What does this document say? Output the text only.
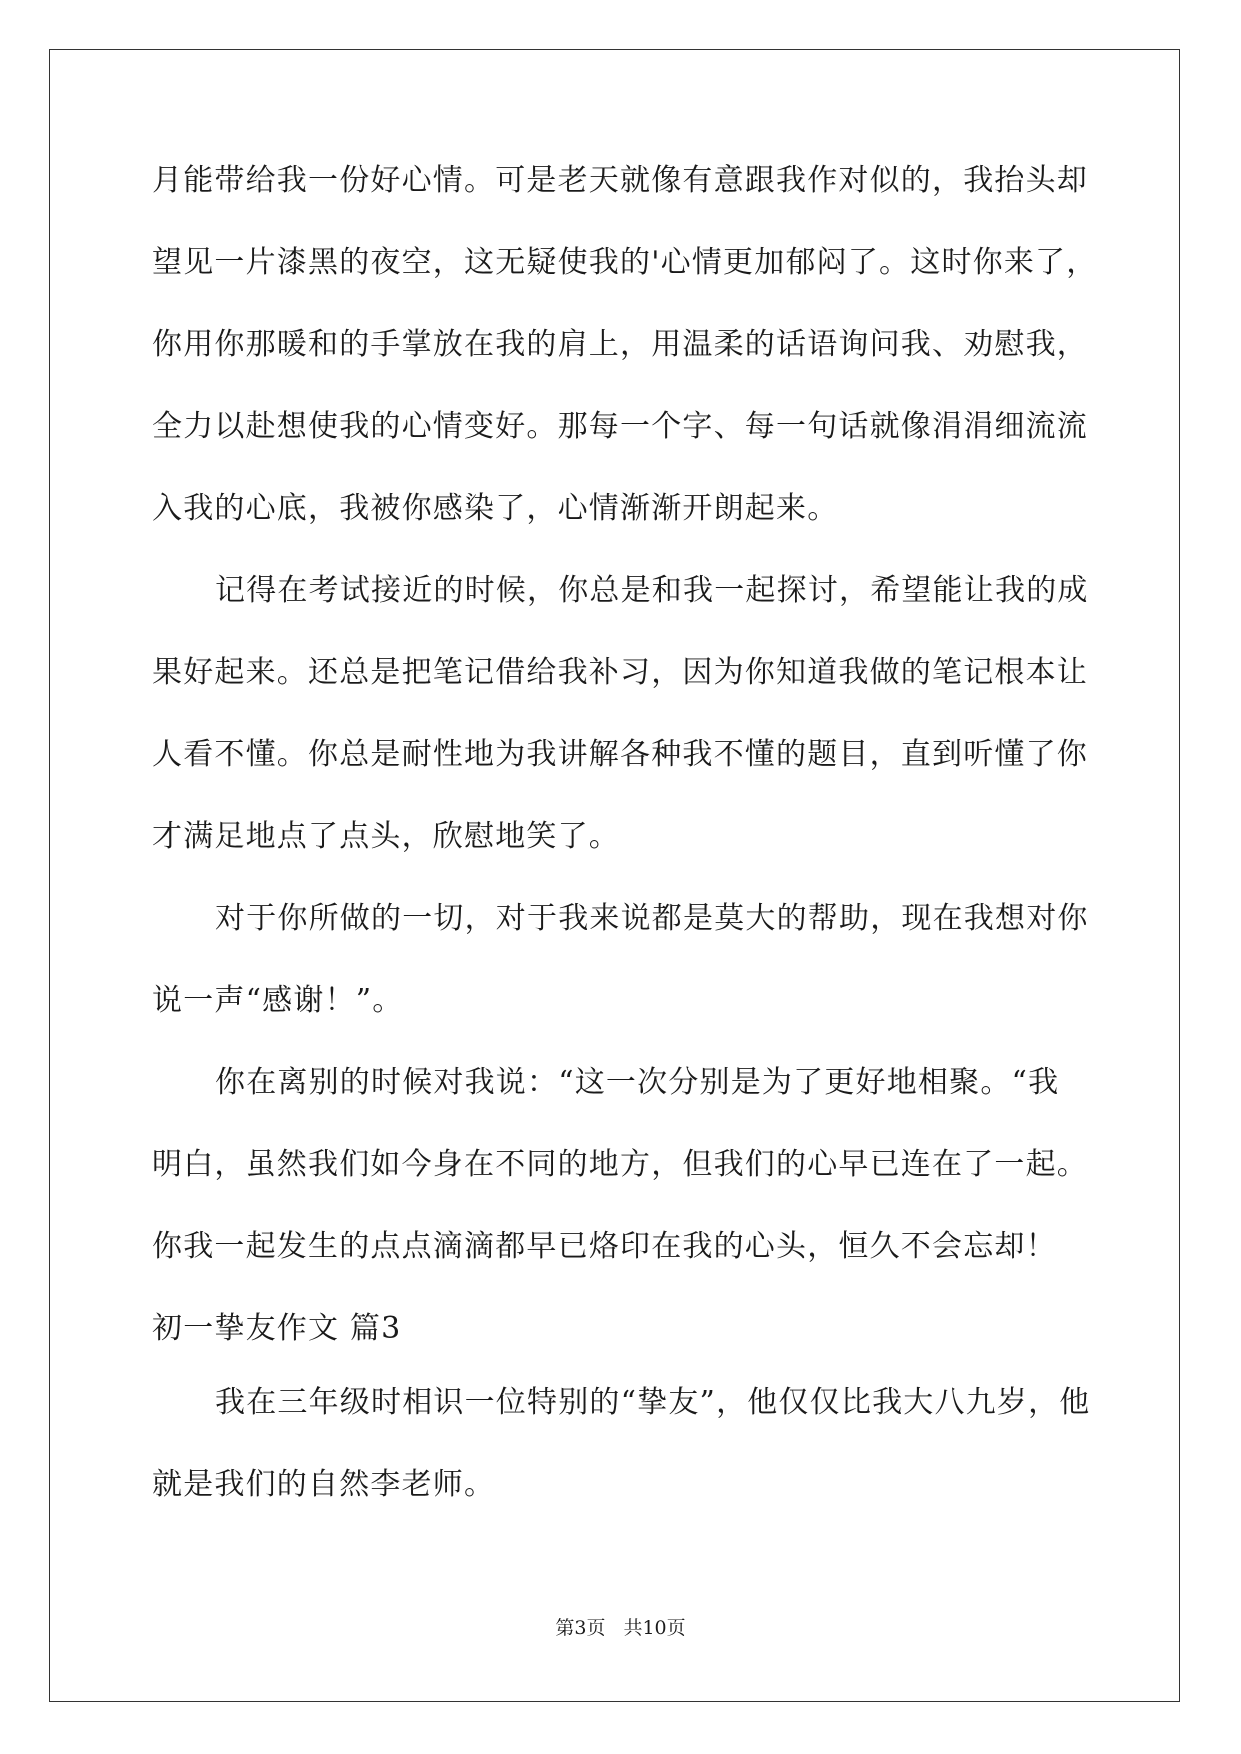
月能带给我一份好心情。可是老天就像有意跟我作对似的，我抬头却
望见一片漆黑的夜空，这无疑使我的'心情更加郁闷了。这时你来了，
你用你那暖和的手掌放在我的肩上，用温柔的话语询问我、劝慰我，
全力以赴想使我的心情变好。那每一个字、每一句话就像涓涓细流流
入我的心底，我被你感染了，心情渐渐开朗起来。
记得在考试接近的时候，你总是和我一起探讨，希望能让我的成
果好起来。还总是把笔记借给我补习，因为你知道我做的笔记根本让
人看不懂。你总是耐性地为我讲解各种我不懂的题目，直到听懂了你
才满足地点了点头，欣慰地笑了。
对于你所做的一切，对于我来说都是莫大的帮助，现在我想对你
说一声“感谢！”。
你在离别的时候对我说：“这一次分别是为了更好地相聚。“我
明白，虽然我们如今身在不同的地方，但我们的心早已连在了一起。
你我一起发生的点点滴滴都早已烙印在我的心头，恒久不会忘却！
初一挚友作文 篇3
我在三年级时相识一位特别的“挚友”，他仅仅比我大八九岁，他
就是我们的自然李老师。
第3页 共10页
